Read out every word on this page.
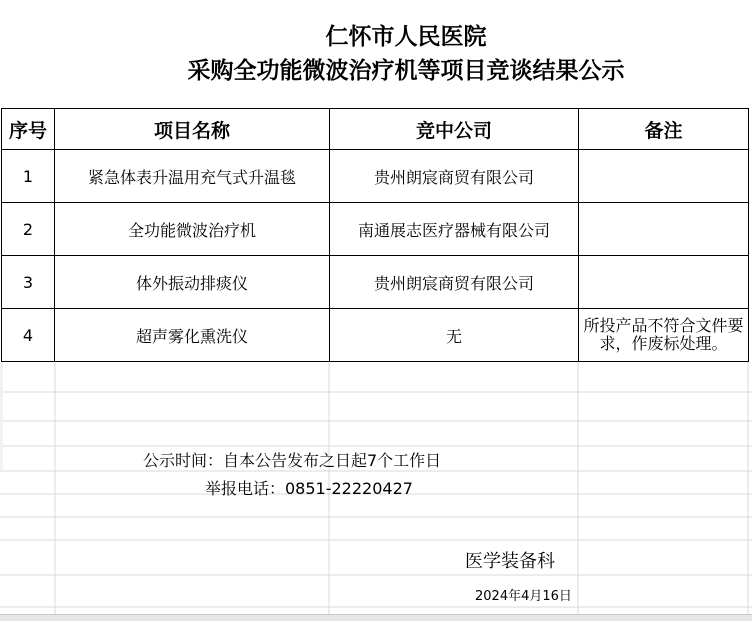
仁怀市人民医院
采购全功能微波治疗机等项目竞谈结果公示
序号	项目名称	竞中公司	备注
1	紧急体表升温用充气式升温毯	贵州朗宸商贸有限公司	
2	全功能微波治疗机	南通展志医疗器械有限公司	
3	体外振动排痰仪	贵州朗宸商贸有限公司	
4	超声雾化熏洗仪	无	所投产品不符合文件要求，作废标处理。
公示时间：自本公告发布之日起7个工作日
举报电话：0851-22220427
医学装备科
2024年4月16日
